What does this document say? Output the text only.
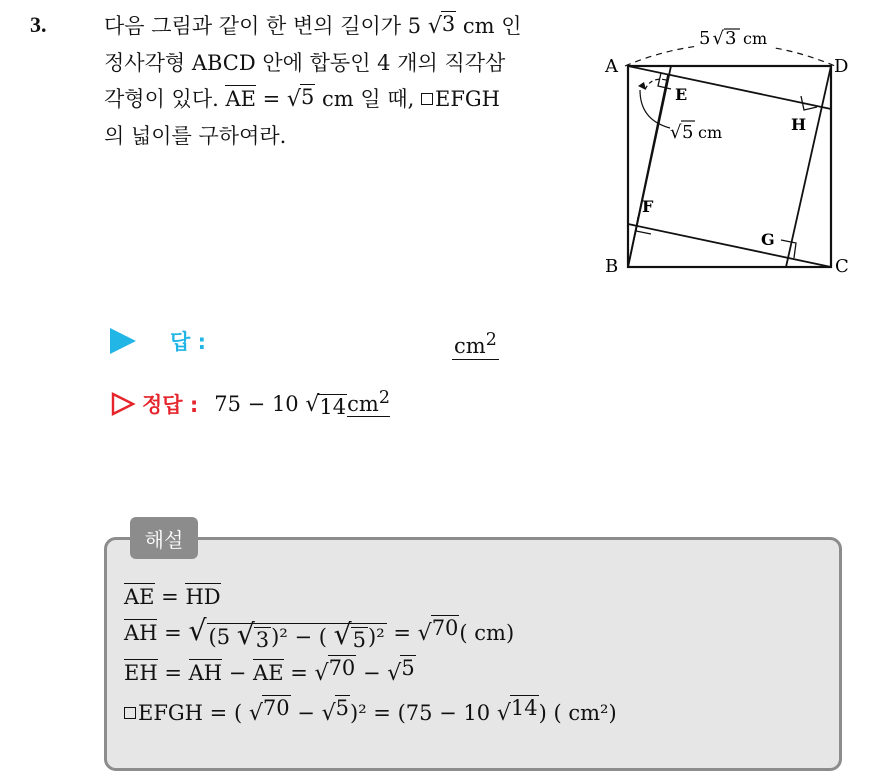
3.	다음 그림과 같이 한 변의 길이가 5 √ 3 cm 인
정사각형 ABCD 안에 합동인 4 개의 직각삼
각형이 있다. AE = √ 5 cm 일 때, EFGH
의 넓이를 구하여라.
5 √ 3 cm
√ 5 cm
A	D
B	C
E
F
G
H
답 :	$cm^2$
정답 : 75 − 10 √ 14 $cm^2$
해설
AE = HD
AH = √ (5 √ 3 )² − ( √ 5 )² = √ 70 ( cm)
EH = AH − AE = √ 70 − √ 5
EFGH = ( √ 70 − √ 5 )² = (75 − 10 √ 14 ) ( cm²)
